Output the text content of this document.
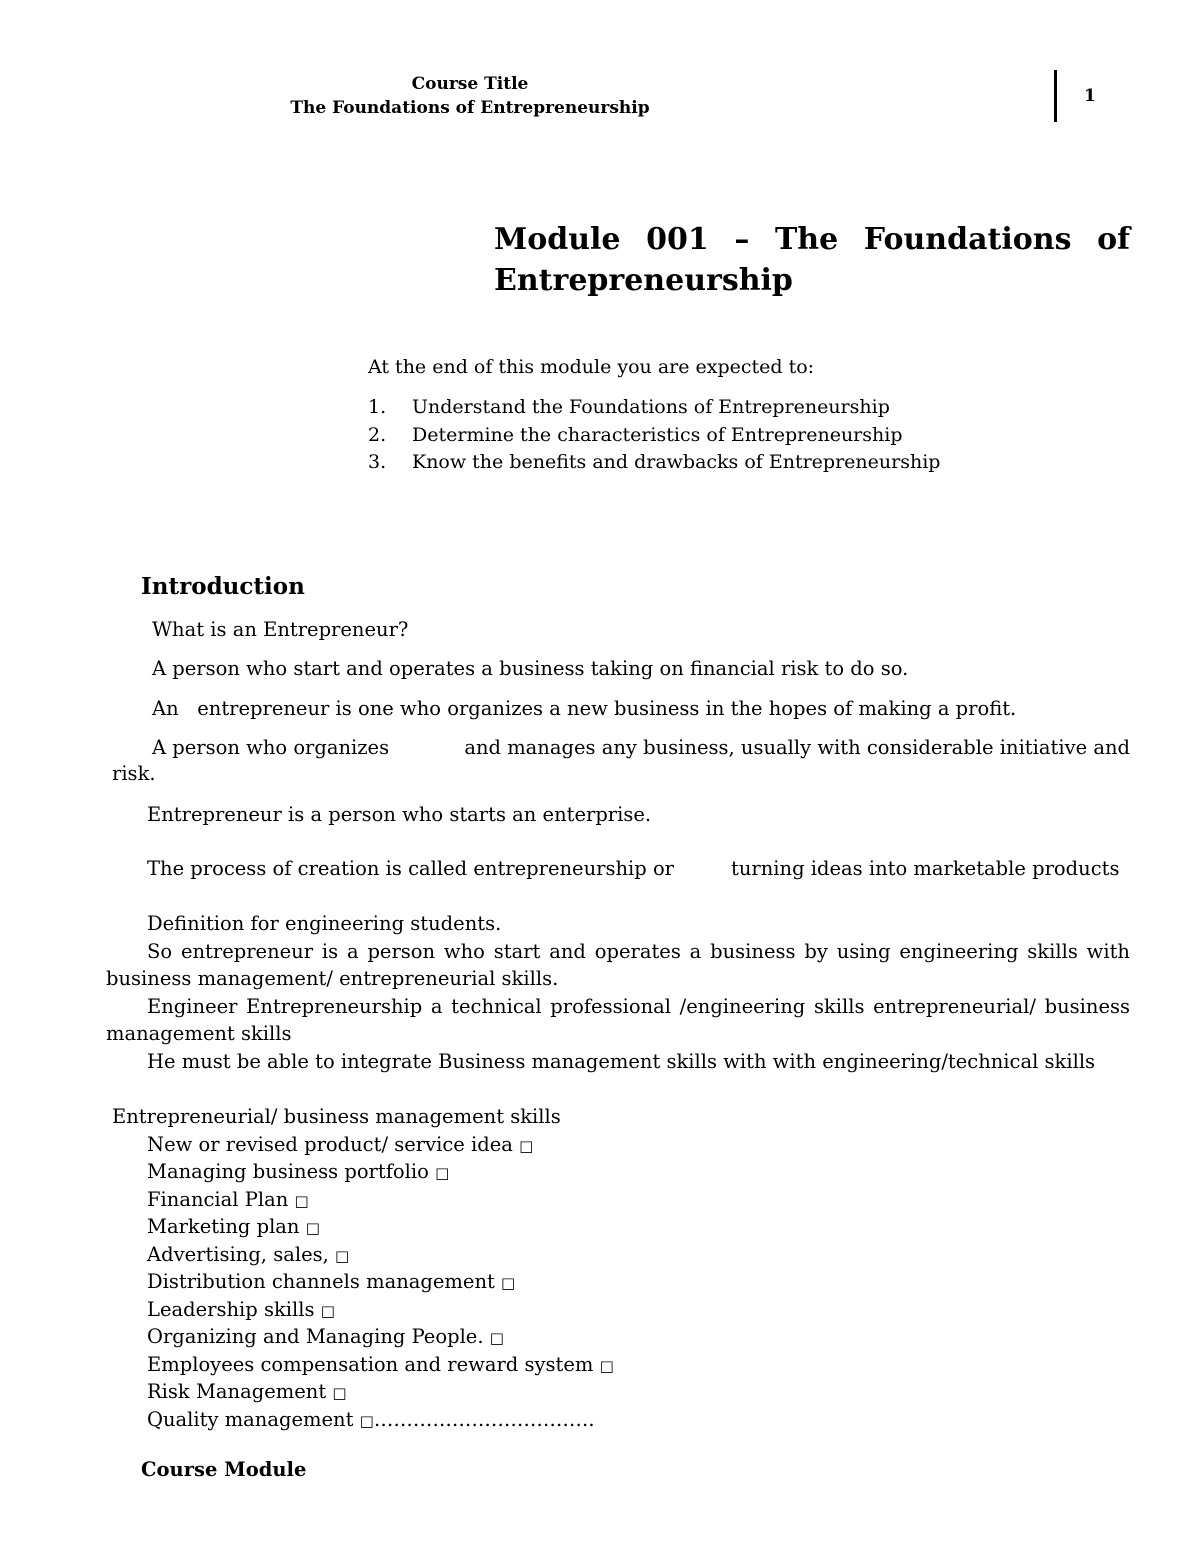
Course Title
The Foundations of Entrepreneurship
1
Module 001 – The Foundations of
Entrepreneurship
At the end of this module you are expected to:
1. Understand the Foundations of Entrepreneurship
2. Determine the characteristics of Entrepreneurship
3. Know the benefits and drawbacks of Entrepreneurship
Introduction
What is an Entrepreneur?
A person who start and operates a business taking on financial risk to do so.
An   entrepreneur is one who organizes a new business in the hopes of making a profit.
A person who organizes	and manages any business, usually with considerable initiative and
risk.
Entrepreneur is a person who starts an enterprise.
The process of creation is called entrepreneurship or	turning ideas into marketable products
Definition for engineering students.
So entrepreneur is a person who start and operates a business by using engineering skills with
business management/ entrepreneurial skills.
Engineer Entrepreneurship a technical professional /engineering skills entrepreneurial/ business
management skills
He must be able to integrate Business management skills with with engineering/technical skills
Entrepreneurial/ business management skills
New or revised product/ service idea □
Managing business portfolio □
Financial Plan □
Marketing plan □
Advertising, sales, □
Distribution channels management □
Leadership skills □
Organizing and Managing People. □
Employees compensation and reward system □
Risk Management □
Quality management □…………………………….
Course Module
